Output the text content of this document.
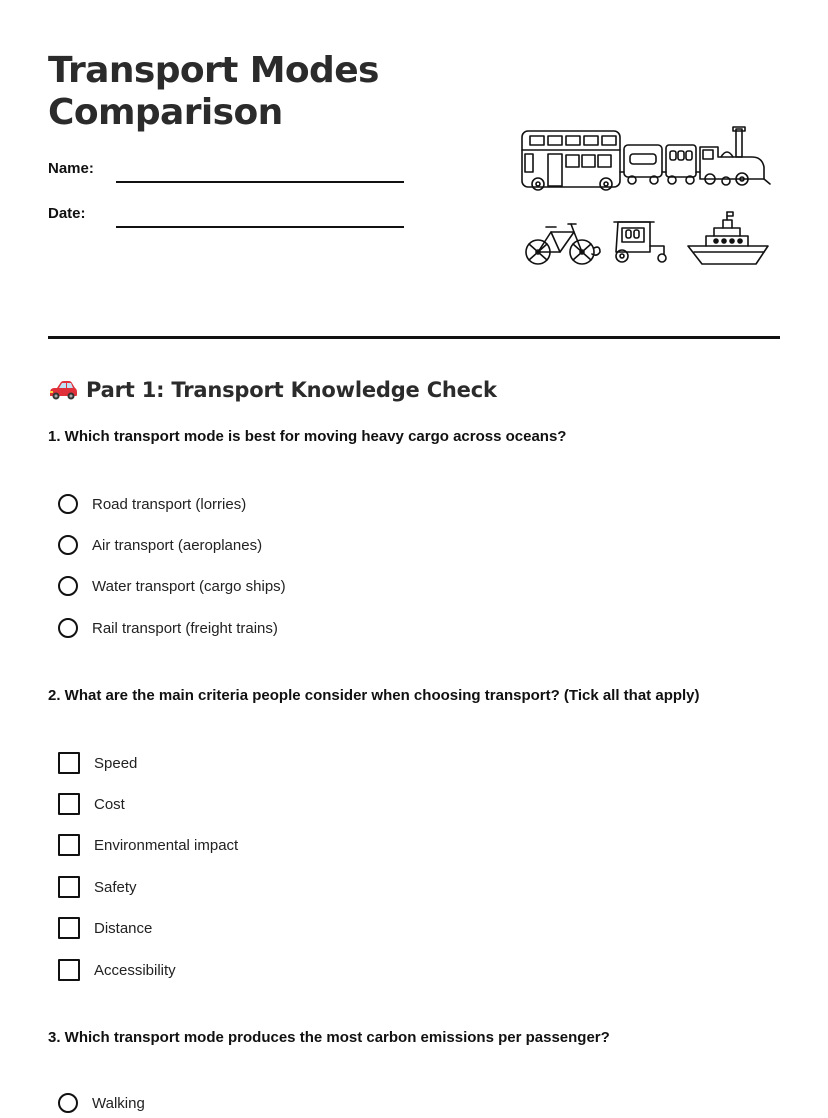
Transport Modes
Comparison
Name:
Date:
Part 1: Transport Knowledge Check

1. Which transport mode is best for moving heavy cargo across oceans?

Road transport (lorries)
Air transport (aeroplanes)
Water transport (cargo ships)
Rail transport (freight trains)

2. What are the main criteria people consider when choosing transport? (Tick all that apply)

Speed
Cost
Environmental impact
Safety
Distance
Accessibility

3. Which transport mode produces the most carbon emissions per passenger?

Walking
